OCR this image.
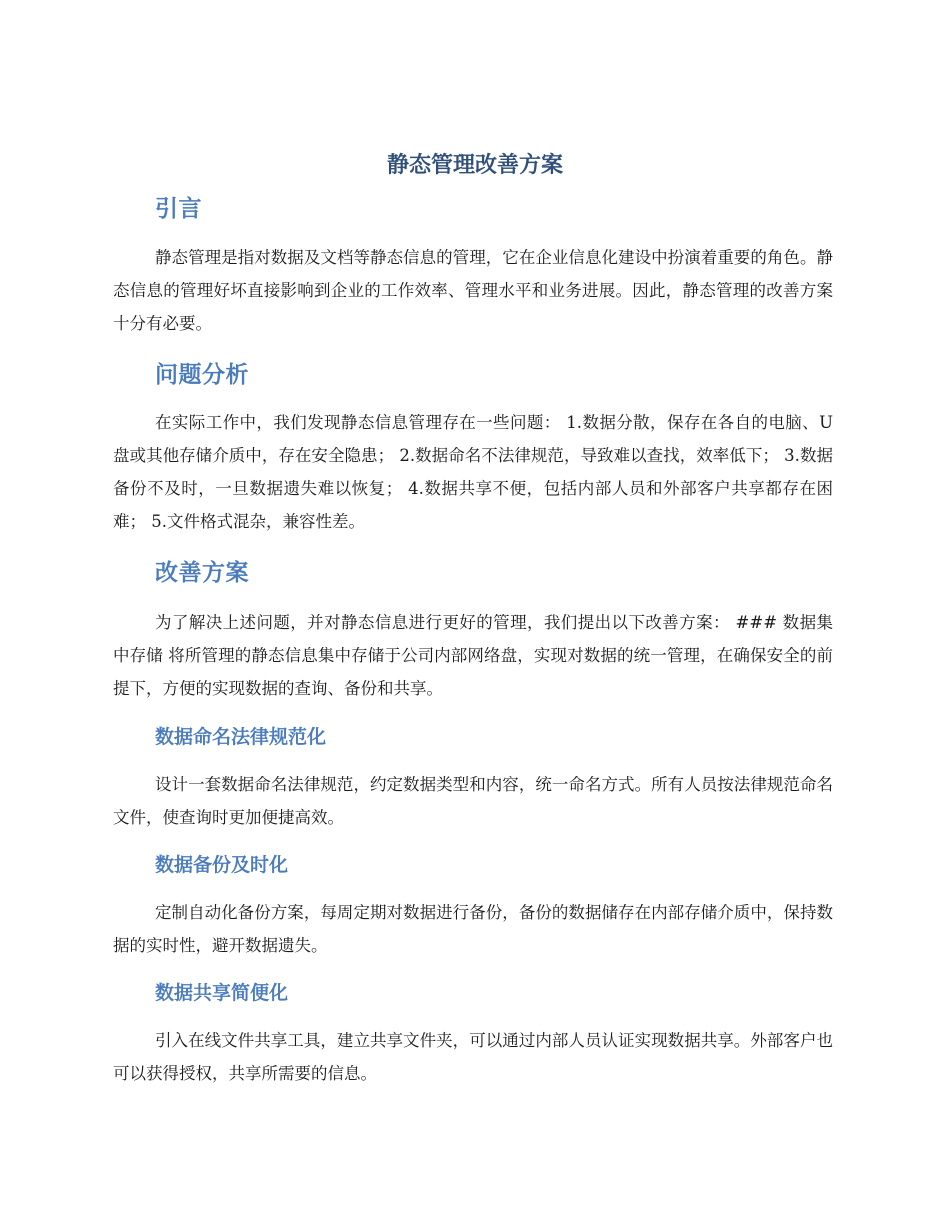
静态管理改善方案
引言

静态管理是指对数据及文档等静态信息的管理，它在企业信息化建设中扮演着重要的角色。静态信息的管理好坏直接影响到企业的工作效率、管理水平和业务进展。因此，静态管理的改善方案十分有必要。

问题分析

在实际工作中，我们发现静态信息管理存在一些问题： 1.数据分散，保存在各自的电脑、U盘或其他存储介质中，存在安全隐患； 2.数据命名不法律规范，导致难以查找，效率低下； 3.数据备份不及时，一旦数据遗失难以恢复； 4.数据共享不便，包括内部人员和外部客户共享都存在困难； 5.文件格式混杂，兼容性差。

改善方案

为了解决上述问题，并对静态信息进行更好的管理，我们提出以下改善方案： ### 数据集中存储 将所管理的静态信息集中存储于公司内部网络盘，实现对数据的统一管理，在确保安全的前提下，方便的实现数据的查询、备份和共享。

数据命名法律规范化

设计一套数据命名法律规范，约定数据类型和内容，统一命名方式。所有人员按法律规范命名文件，使查询时更加便捷高效。

数据备份及时化

定制自动化备份方案，每周定期对数据进行备份，备份的数据储存在内部存储介质中，保持数据的实时性，避开数据遗失。

数据共享简便化

引入在线文件共享工具，建立共享文件夹，可以通过内部人员认证实现数据共享。外部客户也可以获得授权，共享所需要的信息。
